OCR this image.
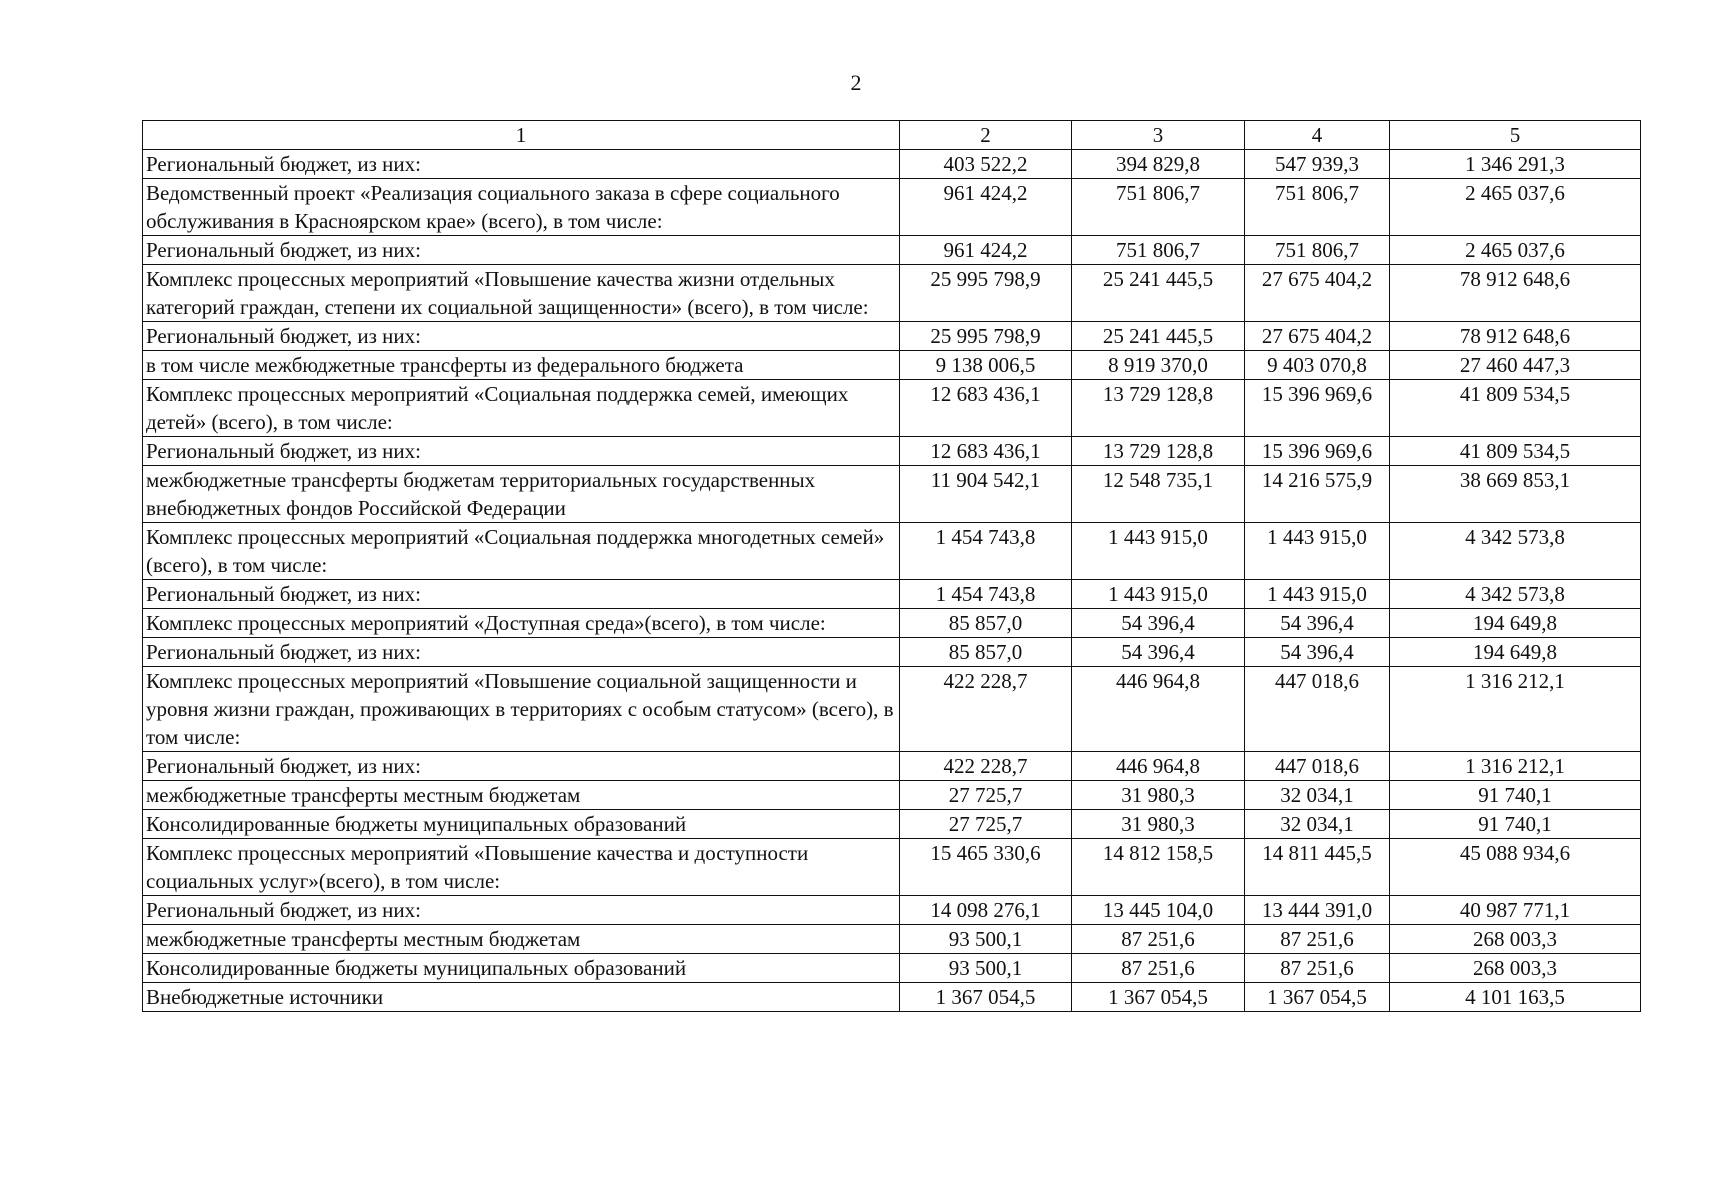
2
1	2	3	4	5
Региональный бюджет, из них:	403 522,2	394 829,8	547 939,3	1 346 291,3
Ведомственный проект «Реализация социального заказа в сфере социального обслуживания в Красноярском крае» (всего), в том числе:	961 424,2	751 806,7	751 806,7	2 465 037,6
Региональный бюджет, из них:	961 424,2	751 806,7	751 806,7	2 465 037,6
Комплекс процессных мероприятий «Повышение качества жизни отдельных категорий граждан, степени их социальной защищенности» (всего), в том числе:	25 995 798,9	25 241 445,5	27 675 404,2	78 912 648,6
Региональный бюджет, из них:	25 995 798,9	25 241 445,5	27 675 404,2	78 912 648,6
в том числе межбюджетные трансферты из федерального бюджета	9 138 006,5	8 919 370,0	9 403 070,8	27 460 447,3
Комплекс процессных мероприятий «Социальная поддержка семей, имеющих детей» (всего), в том числе:	12 683 436,1	13 729 128,8	15 396 969,6	41 809 534,5
Региональный бюджет, из них:	12 683 436,1	13 729 128,8	15 396 969,6	41 809 534,5
межбюджетные трансферты бюджетам территориальных государственных внебюджетных фондов Российской Федерации	11 904 542,1	12 548 735,1	14 216 575,9	38 669 853,1
Комплекс процессных мероприятий «Социальная поддержка многодетных семей» (всего), в том числе:	1 454 743,8	1 443 915,0	1 443 915,0	4 342 573,8
Региональный бюджет, из них:	1 454 743,8	1 443 915,0	1 443 915,0	4 342 573,8
Комплекс процессных мероприятий «Доступная среда»(всего), в том числе:	85 857,0	54 396,4	54 396,4	194 649,8
Региональный бюджет, из них:	85 857,0	54 396,4	54 396,4	194 649,8
Комплекс процессных мероприятий «Повышение социальной защищенности и уровня жизни граждан, проживающих в территориях с особым статусом» (всего), в том числе:	422 228,7	446 964,8	447 018,6	1 316 212,1
Региональный бюджет, из них:	422 228,7	446 964,8	447 018,6	1 316 212,1
межбюджетные трансферты местным бюджетам	27 725,7	31 980,3	32 034,1	91 740,1
Консолидированные бюджеты муниципальных образований	27 725,7	31 980,3	32 034,1	91 740,1
Комплекс процессных мероприятий «Повышение качества и доступности социальных услуг»(всего), в том числе:	15 465 330,6	14 812 158,5	14 811 445,5	45 088 934,6
Региональный бюджет, из них:	14 098 276,1	13 445 104,0	13 444 391,0	40 987 771,1
межбюджетные трансферты местным бюджетам	93 500,1	87 251,6	87 251,6	268 003,3
Консолидированные бюджеты муниципальных образований	93 500,1	87 251,6	87 251,6	268 003,3
Внебюджетные источники	1 367 054,5	1 367 054,5	1 367 054,5	4 101 163,5
